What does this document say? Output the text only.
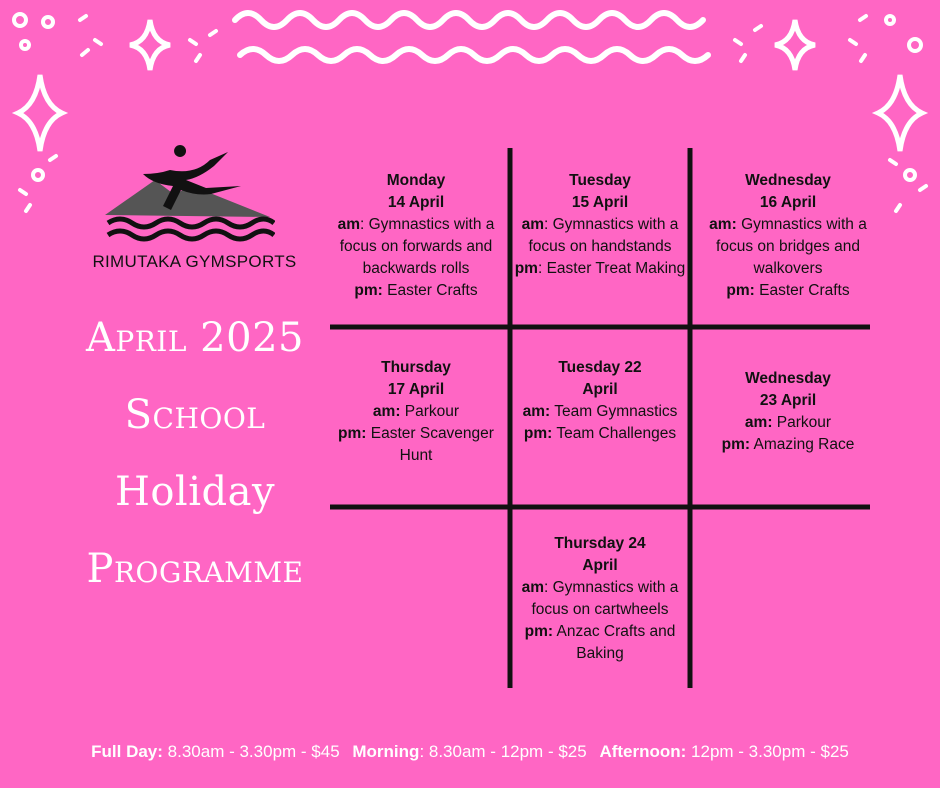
RIMUTAKA GYMSPORTS
April 2025
School
Holiday
Programme
Monday
14 April
am: Gymnastics with a focus on forwards and backwards rolls
pm: Easter Crafts
Tuesday
15 April
am: Gymnastics with a focus on handstands
pm: Easter Treat Making
Wednesday
16 April
am: Gymnastics with a focus on bridges and walkovers
pm: Easter Crafts
Thursday
17 April
am: Parkour
pm: Easter Scavenger Hunt
Tuesday 22
April
am: Team Gymnastics
pm: Team Challenges
Wednesday
23 April
am: Parkour
pm: Amazing Race
Thursday 24
April
am: Gymnastics with a focus on cartwheels
pm: Anzac Crafts and Baking
Full Day: 8.30am - 3.30pm - $45 Morning: 8.30am - 12pm - $25 Afternoon: 12pm - 3.30pm - $25
